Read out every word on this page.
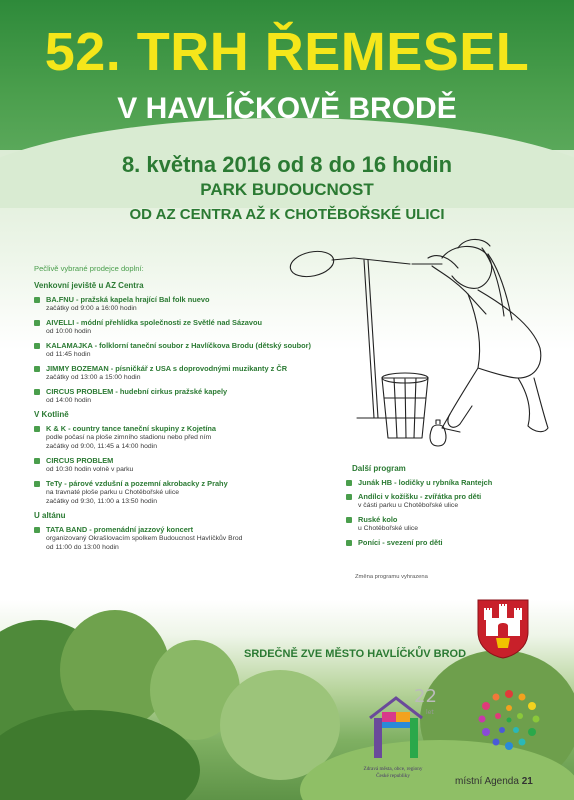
52. TRH ŘEMESEL
V HAVLÍČKOVĚ BRODĚ
8. května 2016 od 8 do 16 hodin
PARK BUDOUCNOST
OD AZ CENTRA AŽ K CHOTĚBOŘSKÉ ULICI
Pečlivě vybrané prodejce doplní:
Venkovní jeviště u AZ Centra
BA.FNU - pražská kapela hrající Bal folk nuevo
začátky od 9:00 a 16:00 hodin
AIVELLI - módní přehlídka společnosti ze Světlé nad Sázavou
od 10:00 hodin
KALAMAJKA - folklorní taneční soubor z Havlíčkova Brodu (dětský soubor)
od 11:45 hodin
JIMMY BOZEMAN - písničkář z USA s doprovodnými muzikanty z ČR
začátky od 13:00 a 15:00 hodin
CIRCUS PROBLEM - hudební cirkus pražské kapely
od 14:00 hodin
V Kotlině
K & K - country tance taneční skupiny z Kojetína
podle počasí na ploše zimního stadionu nebo před ním
začátky od 9:00, 11:45 a 14:00 hodin
CIRCUS PROBLEM
od 10:30 hodin volně v parku
TeTy - párové vzdušní a pozemní akrobacky z Prahy
na travnaté ploše parku u Chotěbořské ulice
začátky od 9:30, 11:00 a 13:50 hodin
U altánu
TATA BAND - promenádní jazzový koncert
organizovaný Okrašlovacím spolkem Budoucnost Havlíčkův Brod
od 11:00 do 13:00 hodin
Další program
Junák HB - lodičky u rybníka Rantejch
Andílci v kožíšku - zvířátka pro děti
v části parku u Chotěbořské ulice
Ruské kolo
u Chotěbořské ulice
Poníci - svezení pro děti
Změna programu vyhrazena
SRDEČNĚ ZVE MĚSTO HAVLÍČKŮV BROD
22
let
Zdravá města, obce, regiony
České republiky	místní Agenda 21
